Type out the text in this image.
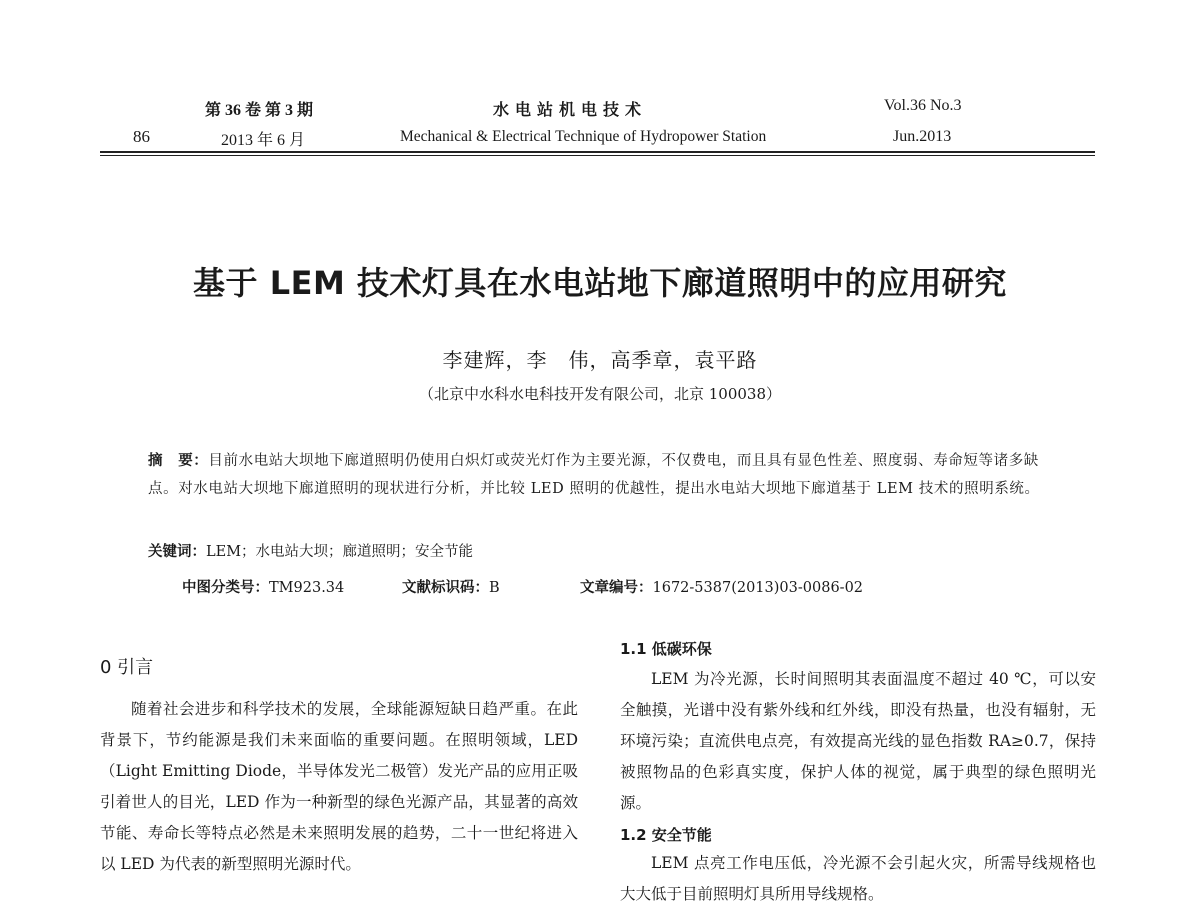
第 36 卷 第 3 期
86	2013 年 6 月
水 电 站 机 电 技 术
Mechanical & Electrical Technique of Hydropower Station
Vol.36 No.3
Jun.2013
基于 LEM 技术灯具在水电站地下廊道照明中的应用研究
李建辉，李　伟，高季章，袁平路
（北京中水科水电科技开发有限公司，北京 100038）
摘　要：目前水电站大坝地下廊道照明仍使用白炽灯或荧光灯作为主要光源，不仅费电，而且具有显色性差、照度弱、寿命短等诸多缺点。对水电站大坝地下廊道照明的现状进行分析，并比较 LED 照明的优越性，提出水电站大坝地下廊道基于 LEM 技术的照明系统。
关键词：LEM；水电站大坝；廊道照明；安全节能
中图分类号：TM923.34	文献标识码：B	文章编号：1672-5387(2013)03-0086-02
0 引言

随着社会进步和科学技术的发展，全球能源短缺日趋严重。在此背景下，节约能源是我们未来面临的重要问题。在照明领域，LED（Light Emitting Diode，半导体发光二极管）发光产品的应用正吸引着世人的目光，LED 作为一种新型的绿色光源产品，其显著的高效节能、寿命长等特点必然是未来照明发展的趋势，二十一世纪将进入以 LED 为代表的新型照明光源时代。

1.1 低碳环保

LEM 为冷光源，长时间照明其表面温度不超过 40 ℃，可以安全触摸，光谱中没有紫外线和红外线，即没有热量，也没有辐射，无环境污染；直流供电点亮，有效提高光线的显色指数 RA≥0.7，保持被照物品的色彩真实度，保护人体的视觉，属于典型的绿色照明光源。

1.2 安全节能

LEM 点亮工作电压低，冷光源不会引起火灾，所需导线规格也大大低于目前照明灯具所用导线规格。
